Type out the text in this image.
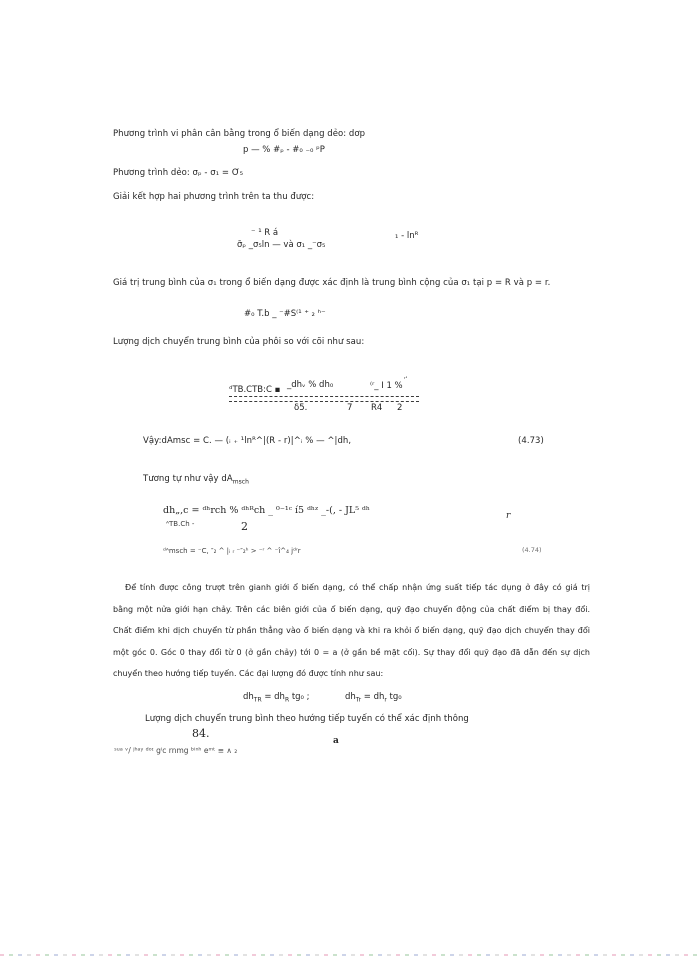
Phương trình vi phân cân bằng trong ổ biến dạng dẻo: dơp
p — % #ₚ - #₀ ₋₀ ᵖP
Phương trình dẻo: σₚ - σ₁ = Ơ₅
Giải kết hợp hai phương trình trên ta thu được:
⁻ ¹ R á
σ̄ₚ _σ₅ln — và σ₁ _⁻σ₅
₁ - lnᴿ
Giá trị trung bình của σ₁ trong ổ biến dạng được xác định là trung bình cộng của σ₁ tại p = R và p = r.
#₀ T.b _ ⁻#S⁽¹ ⁺ ₂ ʰ⁻
Lượng dịch chuyển trung bình của phôi so với cõi như sau:
ᵈTB.CTB:C ▪ _dhᵥ % dh₀	⁽ʳ_ I 1 %
ʳ’
δ5.	7 R4 2
Vậy:dAmsc = C. — (ᵢ ₊ ¹lnᴿ^|(R - r)|^ᵢ % — ^|dh,	(4.73)
Tương tự như vậy $dA_{msch}$
dh„,c = ᵈʰrch % ᵈʰᴿch _ ⁰⁻¹ᶜ í5 ᵈʰᶻ _-(, - JL⁵ ᵈʰ	r
ᴬTB.Ch -	2
ᵈᴬmsch = ⁻C, ″₂ ^ |ᵢ ᵣ ⁻″₂ʰ > ⁻ʳ ^ ⁻î^₄ jᵈʳr	(4.74)
Để tính được công trượt trên gianh giới ổ biến dạng, có thể chấp nhận ứng suất tiếp tác dụng ở đây có giá trị
bằng một nửa giới hạn chảy. Trên các biên giới của ổ biến dạng, quỹ đạo chuyển động của chất điểm bị thay đổi.
Chất điểm khi dịch chuyển từ phần thẳng vào ổ biến dạng và khi ra khỏi ổ biến dạng, quỹ đạo dịch chuyển thay đổi
một góc 0. Góc 0 thay đổi từ 0 (ở gần chảy) tới 0 = a (ở gần bề mặt cối). Sự thay đổi quỹ đạo đã dẫn đến sự dịch
chuyển theo hướng tiếp tuyến. Các đại lượng đó được tính như sau:
$dh_{TR} = dh_R$ tg₀ ;	$dh_{Tr} = dh_r$ tg₀
Lượng dịch chuyển trung bình theo hướng tiếp tuyến có thể xác định thông
84.
a
ˢᵘᵃ ᵛ/ ʲʰᵃʸ ᵈᵒᶦ gⁱc rnmg ᵇⁱⁿʰ eᵐᵗ ≡ ∧ ₂
